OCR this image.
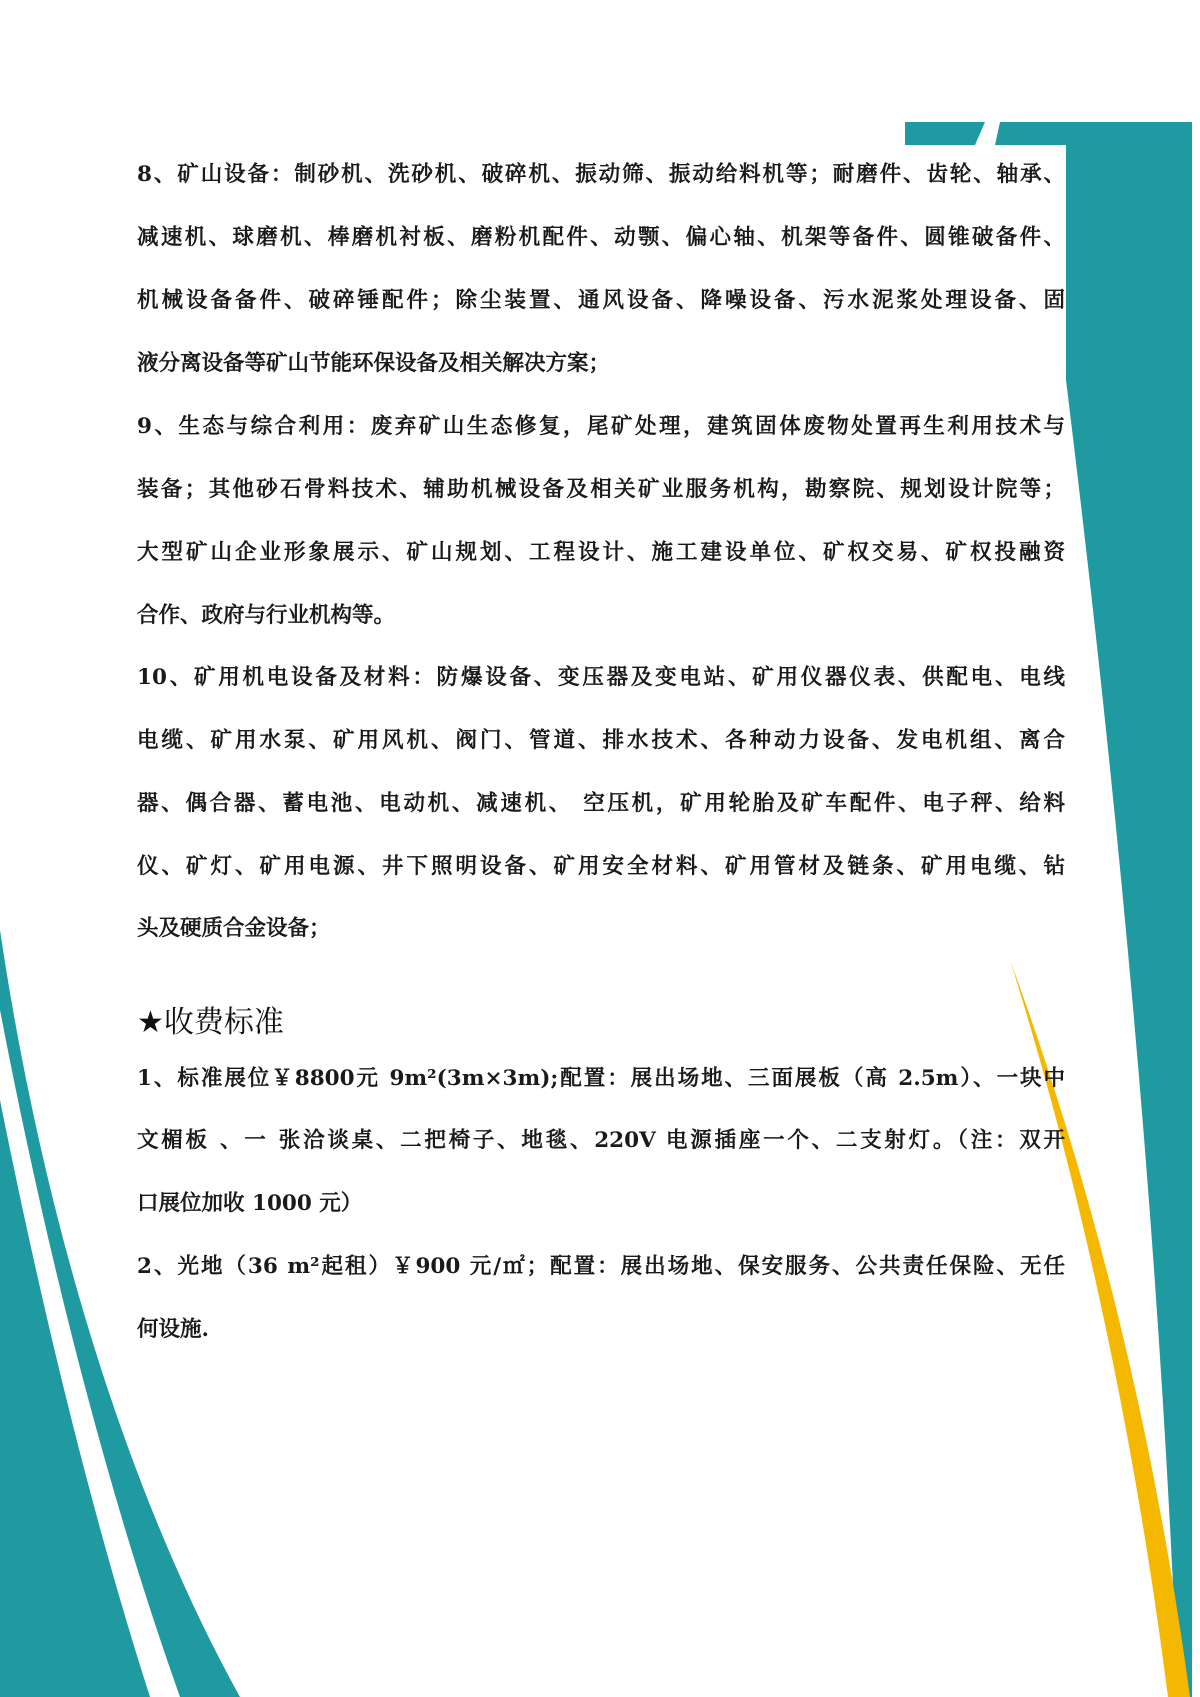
8、矿山设备：制砂机、洗砂机、破碎机、振动筛、振动给料机等；耐磨件、齿轮、轴承、
减速机、球磨机、棒磨机衬板、磨粉机配件、动颚、偏心轴、机架等备件、圆锥破备件、
机械设备备件、破碎锤配件；除尘装置、通风设备、降噪设备、污水泥浆处理设备、固
液分离设备等矿山节能环保设备及相关解决方案；
9、生态与综合利用：废弃矿山生态修复，尾矿处理，建筑固体废物处置再生利用技术与
装备；其他砂石骨料技术、辅助机械设备及相关矿业服务机构，勘察院、规划设计院等；
大型矿山企业形象展示、矿山规划、工程设计、施工建设单位、矿权交易、矿权投融资
合作、政府与行业机构等。
10、矿用机电设备及材料：防爆设备、变压器及变电站、矿用仪器仪表、供配电、电线
电缆、矿用水泵、矿用风机、阀门、管道、排水技术、各种动力设备、发电机组、离合
器、偶合器、蓄电池、电动机、减速机、 空压机，矿用轮胎及矿车配件、电子秤、给料
仪、矿灯、矿用电源、井下照明设备、矿用安全材料、矿用管材及链条、矿用电缆、钻
头及硬质合金设备；
★收费标准
1、标准展位￥8800元 9m²(3m×3m);配置：展出场地、三面展板（高 2.5m）、一块中
文楣板 、一 张洽谈桌、二把椅子、地毯、220V 电源插座一个、二支射灯。（注：双开
口展位加收 1000 元）
2、光地（36 m²起租）￥900 元/㎡；配置：展出场地、保安服务、公共责任保险、无任
何设施.
